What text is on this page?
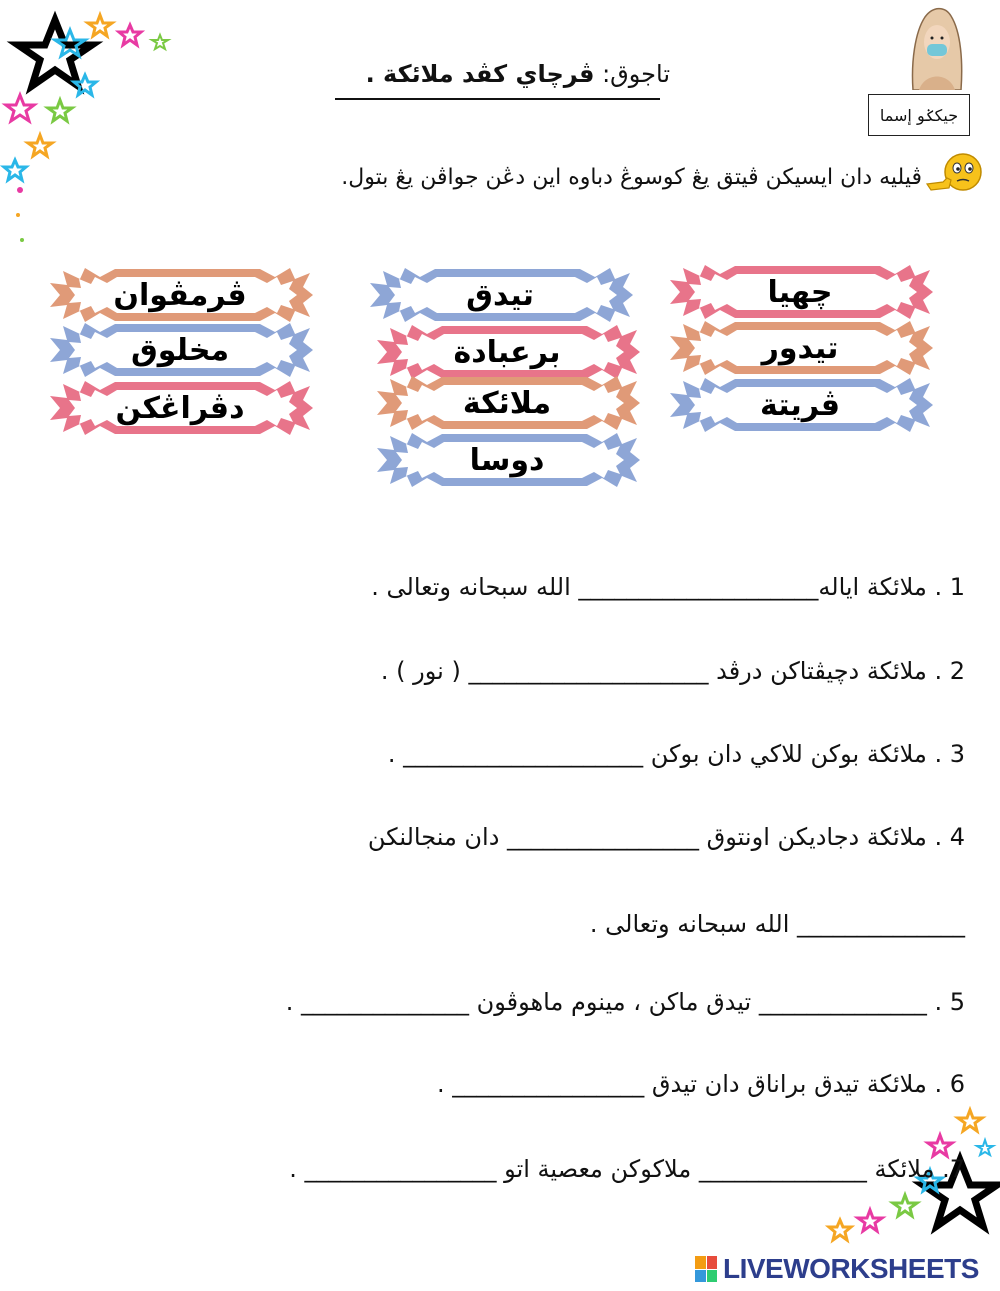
جيكݢو إسما
تاجوق: ڤرچاي كڤد ملائكة .
ڤيليه دان ايسيكن ڤيتق يڠ كوسوڠ دباوه اين دڠن جواڤن يڠ بتول.
ڤرمڤوان
مخلوق
دڤراڠكن
تيدق
برعبادة
ملائكة
دوسا
چهيا
تيدور
ڤريتة
1 . ملائكة اياله____________________ الله سبحانه وتعالى .
2 . ملائكة دچيڤتاكن درڤد ____________________ ( نور ) .
3 . ملائكة بوكن للاكي دان بوكن ____________________ .
4 . ملائكة دجاديكن اونتوق ________________ دان منجالنكن
______________ الله سبحانه وتعالى .
5 . ______________ تيدق ماكن ، مينوم ماهوڤون ______________ .
6 . ملائكة تيدق براناق دان تيدق ________________ .
7. ملائكة ______________ ملاكوكن معصية اتو ________________ .
LIVEWORKSHEETS
